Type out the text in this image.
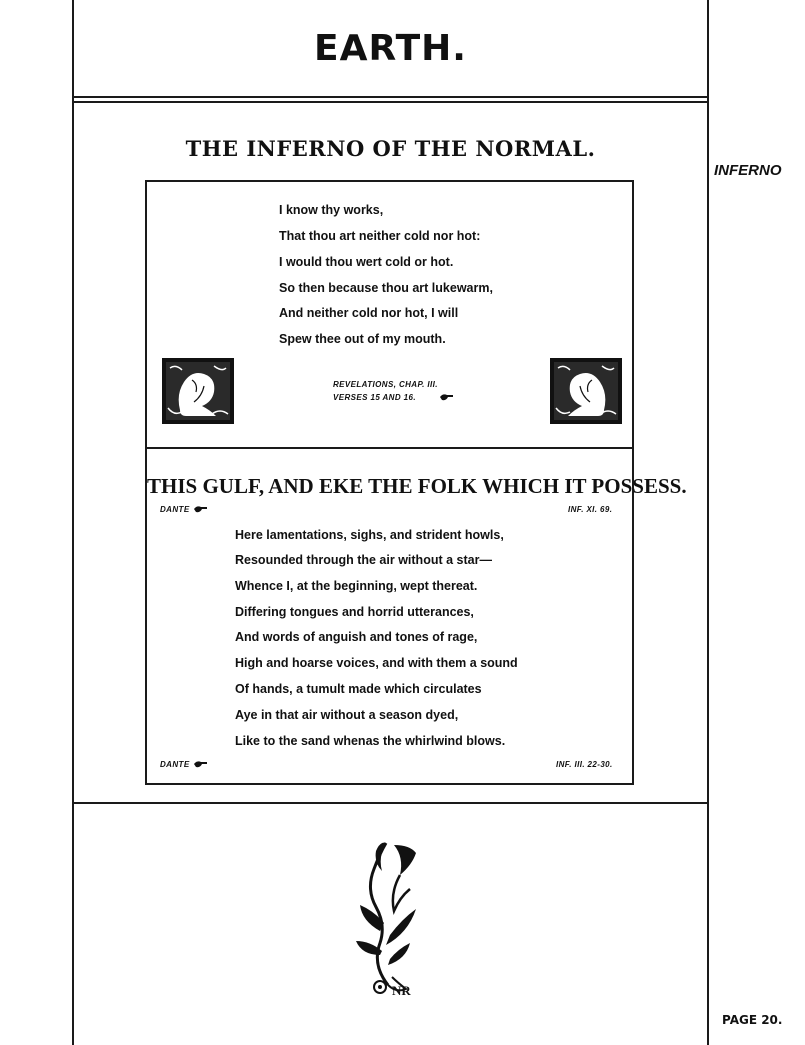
EARTH.
INFERNO
THE INFERNO OF THE NORMAL.
I know thy works,
That thou art neither cold nor hot:
I would thou wert cold or hot.
So then because thou art lukewarm,
And neither cold nor hot, I will
Spew thee out of my mouth.
REVELATIONS, CHAP. III.
VERSES 15 AND 16.
THIS GULF, AND EKE THE FOLK WHICH IT POSSESS.
DANTE	INF. XI. 69.
Here lamentations, sighs, and strident howls,
Resounded through the air without a star—
Whence I, at the beginning, wept thereat.
Differing tongues and horrid utterances,
And words of anguish and tones of rage,
High and hoarse voices, and with them a sound
Of hands, a tumult made which circulates
Aye in that air without a season dyed,
Like to the sand whenas the whirlwind blows.
DANTE	INF. III. 22-30.
NR
PAGE 20.
